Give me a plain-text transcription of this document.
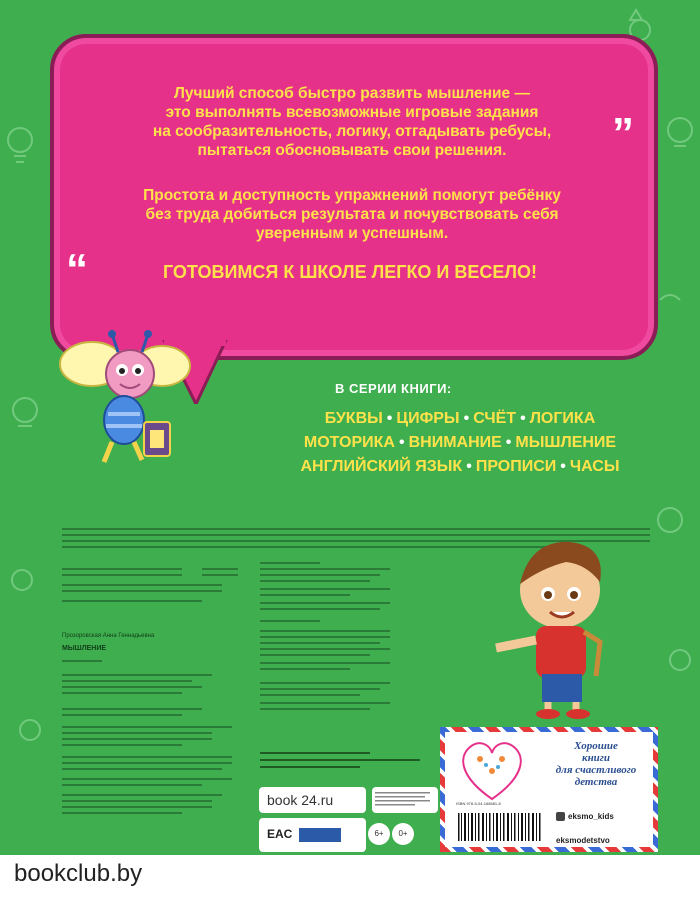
”
“
Лучший способ быстро развить мышление —
это выполнять всевозможные игровые задания
на сообразительность, логику, отгадывать ребусы,
пытаться обосновывать свои решения.
Простота и доступность упражнений помогут ребёнку
без труда добиться результата и почувствовать себя
уверенным и успешным.
ГОТОВИМСЯ К ШКОЛЕ ЛЕГКО И ВЕСЕЛО!
В СЕРИИ КНИГИ:
БУКВЫ • ЦИФРЫ • СЧЁТ • ЛОГИКА
МОТОРИКА • ВНИМАНИЕ • МЫШЛЕНИЕ
АНГЛИЙСКИЙ ЯЗЫК • ПРОПИСИ • ЧАСЫ
Прозоровская Анна Геннадьевна
МЫШЛЕНИЕ
book 24.ru
EAC	6+	0+
Хорошие
книги
для счастливого
детства
ISBN 978-5-04-168681-8
eksmo_kids
eksmodetstvo
bookclub.by
